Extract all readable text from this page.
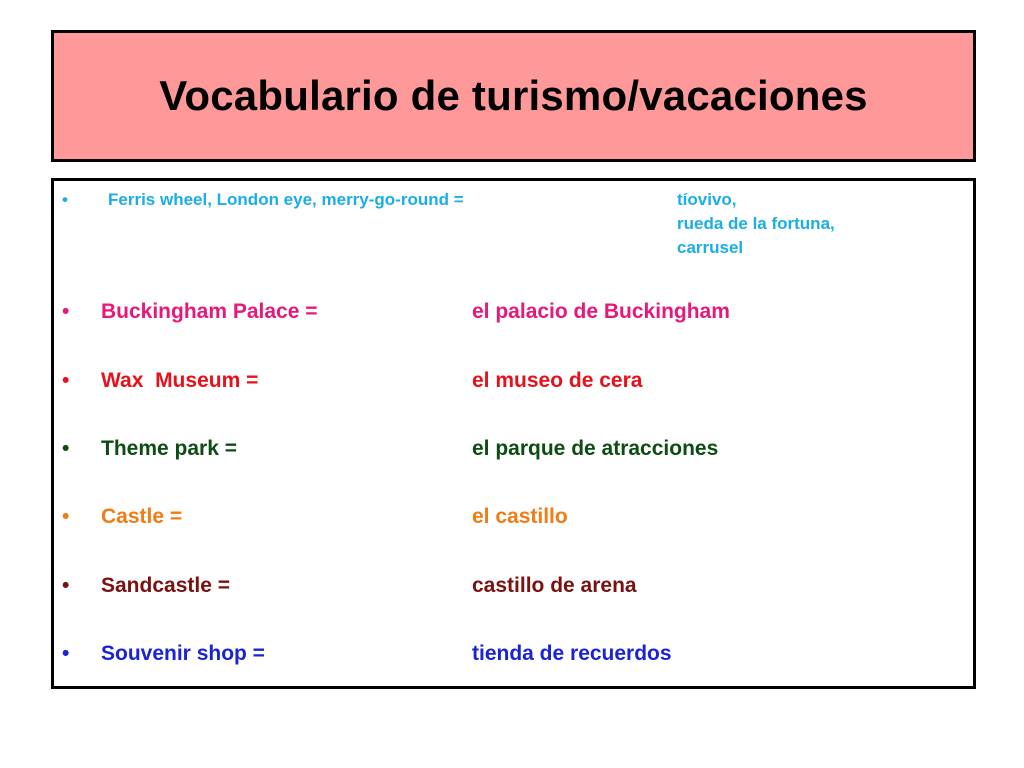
Vocabulario de turismo/vacaciones
• Ferris wheel, London eye, merry-go-round =	tíovivo,
rueda de la fortuna,
carrusel
• Buckingham Palace =	el palacio de Buckingham
• Wax  Museum =	el museo de cera
• Theme park =	el parque de atracciones
• Castle =	el castillo
• Sandcastle =	castillo de arena
• Souvenir shop =	tienda de recuerdos
